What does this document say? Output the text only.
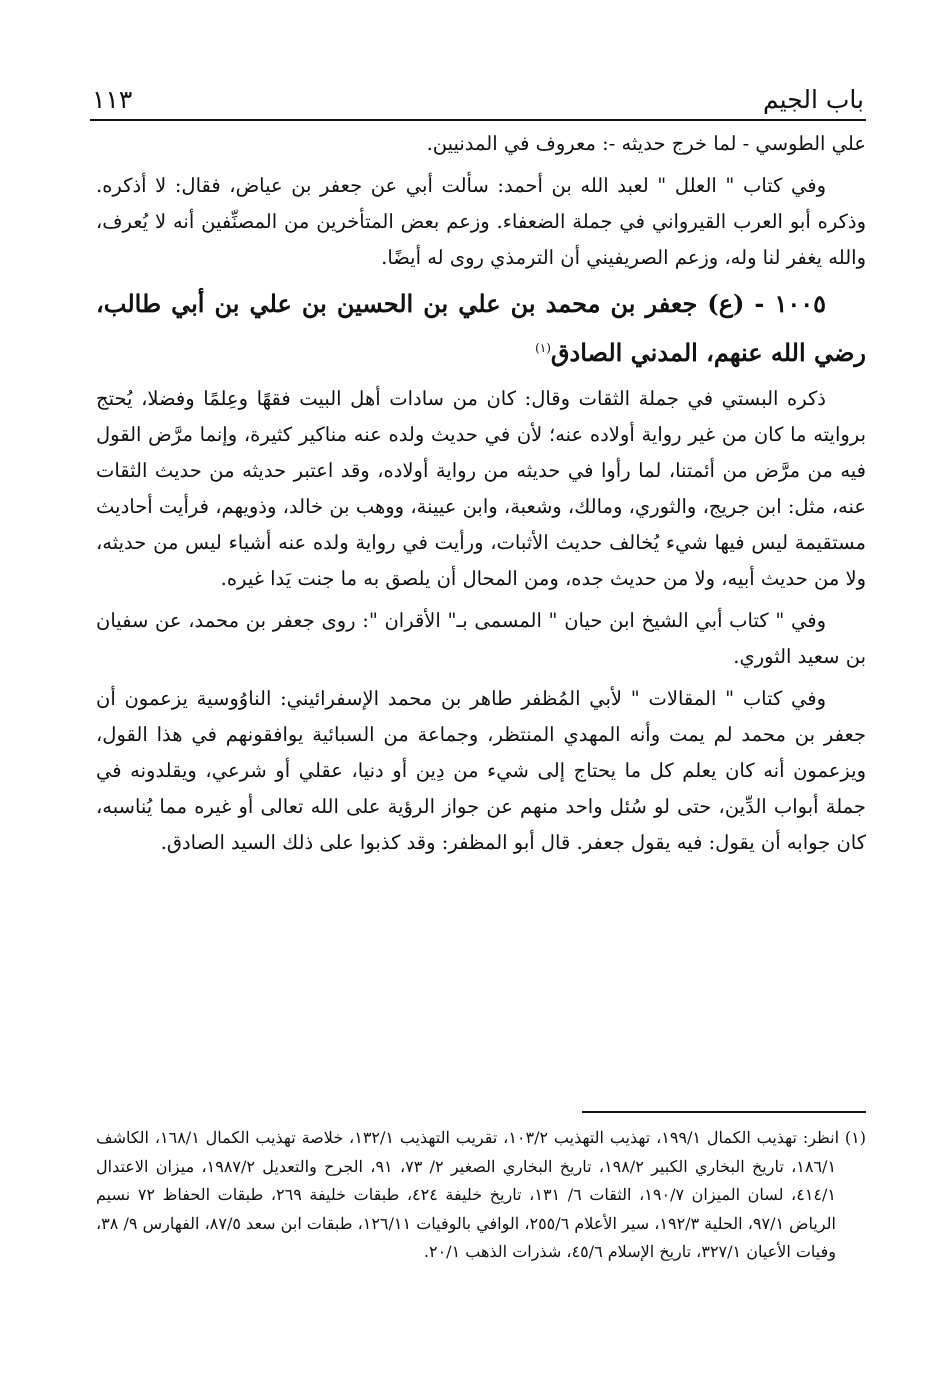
باب الجيم
١١٣

علي الطوسي - لما خرج حديثه -: معروف في المدنيين.

وفي كتاب " العلل " لعبد الله بن أحمد: سألت أبي عن جعفر بن عياض، فقال: لا أذكره. وذكره أبو العرب القيرواني في جملة الضعفاء. وزعم بعض المتأخرين من المصنِّفين أنه لا يُعرف، والله يغفر لنا وله، وزعم الصريفيني أن الترمذي روى له أيضًا.

١٠٠٥ - (ع) جعفر بن محمد بن علي بن الحسين بن علي بن أبي طالب، رضي الله عنهم، المدني الصادق$^{(١)}$

ذكره البستي في جملة الثقات وقال: كان من سادات أهل البيت فقهًا وعِلمًا وفضلا، يُحتج بروايته ما كان من غير رواية أولاده عنه؛ لأن في حديث ولده عنه مناكير كثيرة، وإنما مرَّض القول فيه من مرَّض من أئمتنا، لما رأوا في حديثه من رواية أولاده، وقد اعتبر حديثه من حديث الثقات عنه، مثل: ابن جريج، والثوري، ومالك، وشعبة، وابن عيينة، ووهب بن خالد، وذويهم، فرأيت أحاديث مستقيمة ليس فيها شيء يُخالف حديث الأثبات، ورأيت في رواية ولده عنه أشياء ليس من حديثه، ولا من حديث أبيه، ولا من حديث جده، ومن المحال أن يلصق به ما جنت يَدا غيره.

وفي " كتاب أبي الشيخ ابن حيان " المسمى بـ" الأقران ": روى جعفر بن محمد، عن سفيان بن سعيد الثوري.

وفي كتاب " المقالات " لأبي المُظفر طاهر بن محمد الإسفرائيني: الناوُوسية يزعمون أن جعفر بن محمد لم يمت وأنه المهدي المنتظر، وجماعة من السبائية يوافقونهم في هذا القول، ويزعمون أنه كان يعلم كل ما يحتاج إلى شيء من دِين أو دنيا، عقلي أو شرعي، ويقلدونه في جملة أبواب الدِّين، حتى لو سُئل واحد منهم عن جواز الرؤية على الله تعالى أو غيره مما يُناسبه، كان جوابه أن يقول: فيه يقول جعفر. قال أبو المظفر: وقد كذبوا على ذلك السيد الصادق.

(١) انظر: تهذيب الكمال ١٩٩/١، تهذيب التهذيب ١٠٣/٢، تقريب التهذيب ١٣٢/١، خلاصة تهذيب الكمال ١٦٨/١، الكاشف ١٨٦/١، تاريخ البخاري الكبير ١٩٨/٢، تاريخ البخاري الصغير ٢/ ٧٣، ٩١، الجرح والتعديل ١٩٨٧/٢، ميزان الاعتدال ٤١٤/١، لسان الميزان ١٩٠/٧، الثقات ٦/ ١٣١، تاريخ خليفة ٤٢٤، طبقات خليفة ٢٦٩، طبقات الحفاظ ٧٢ نسيم الرياض ٩٧/١، الحلية ١٩٢/٣، سير الأعلام ٢٥٥/٦، الوافي بالوفيات ١٢٦/١١، طبقات ابن سعد ٨٧/٥، الفهارس ٩/ ٣٨، وفيات الأعيان ٣٢٧/١، تاريخ الإسلام ٤٥/٦، شذرات الذهب ٢٠/١.
